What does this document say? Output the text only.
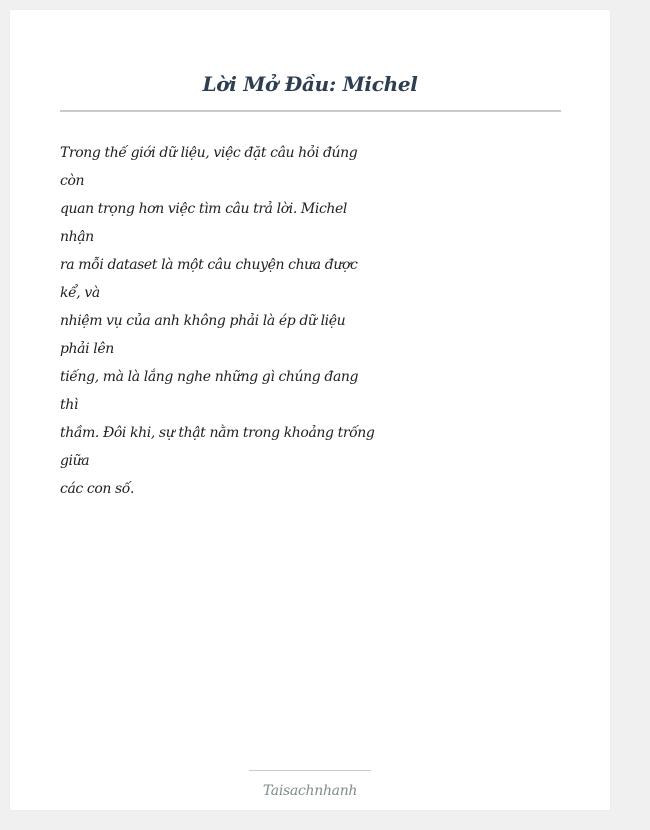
Lời Mở Đầu: Michel
Trong thế giới dữ liệu, việc đặt câu hỏi đúng
còn
quan trọng hơn việc tìm câu trả lời. Michel
nhận
ra mỗi dataset là một câu chuyện chưa được
kể, và
nhiệm vụ của anh không phải là ép dữ liệu
phải lên
tiếng, mà là lắng nghe những gì chúng đang
thì
thầm. Đôi khi, sự thật nằm trong khoảng trống
giữa
các con số.
Taisachnhanh
